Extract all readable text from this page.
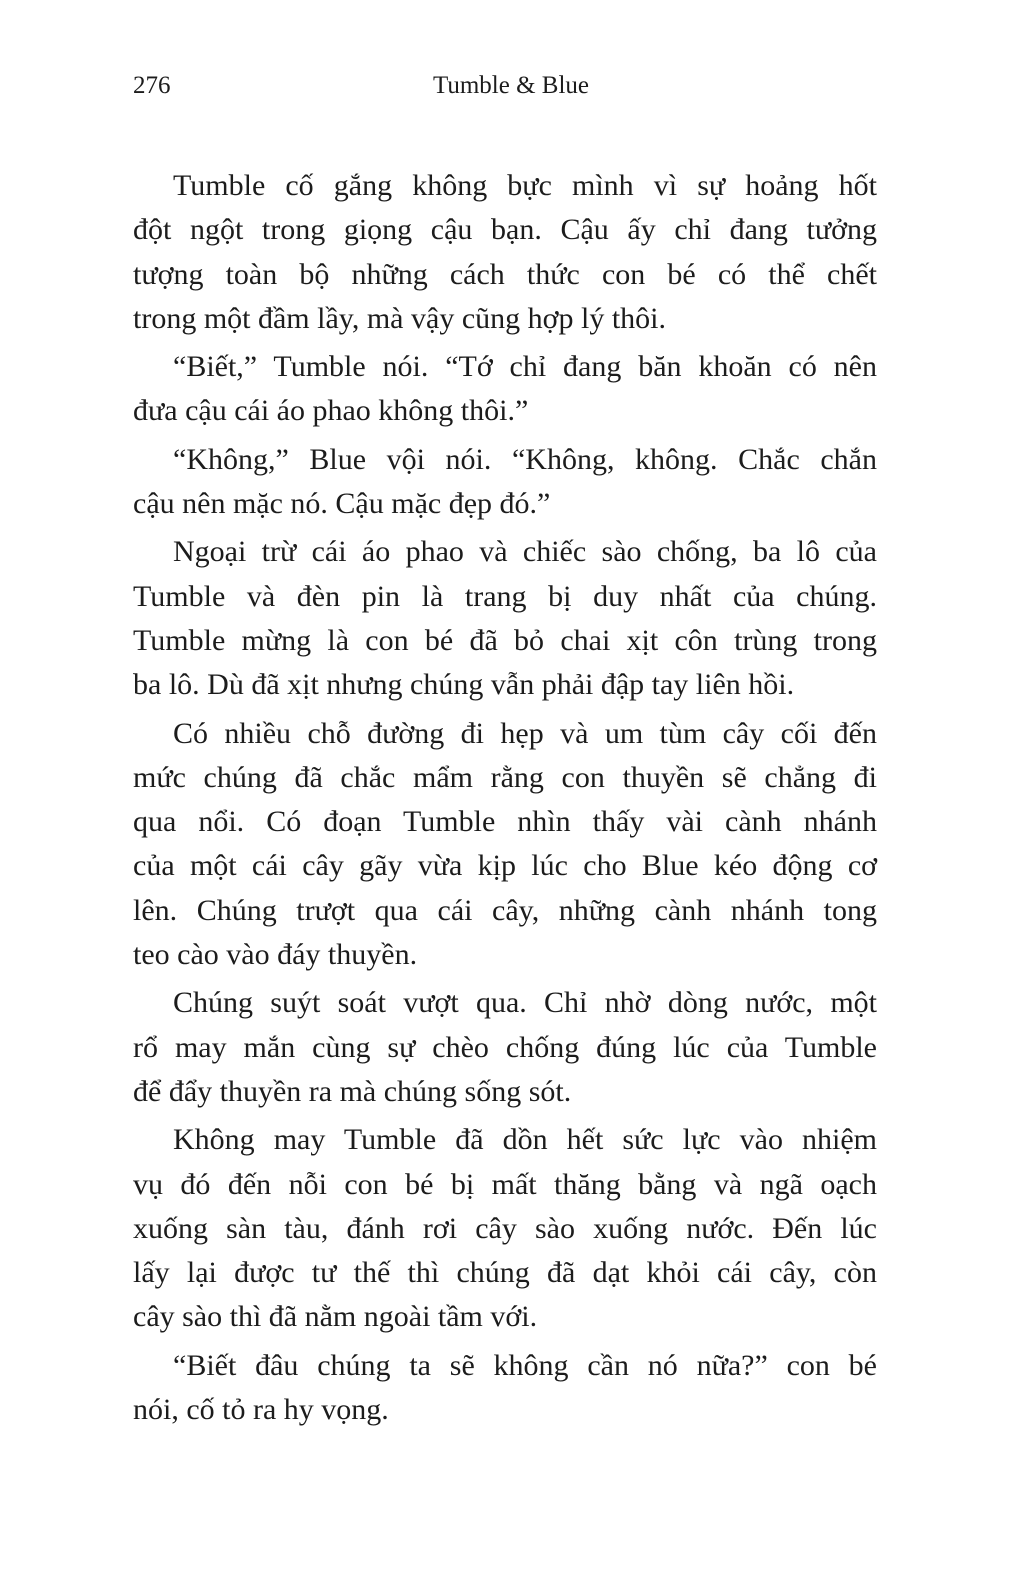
276	Tumble & Blue
Tumble cố gắng không bực mình vì sự hoảng hốt
đột ngột trong giọng cậu bạn. Cậu ấy chỉ đang tưởng
tượng toàn bộ những cách thức con bé có thể chết
trong một đầm lầy, mà vậy cũng hợp lý thôi.
“Biết,” Tumble nói. “Tớ chỉ đang băn khoăn có nên
đưa cậu cái áo phao không thôi.”
“Không,” Blue vội nói. “Không, không. Chắc chắn
cậu nên mặc nó. Cậu mặc đẹp đó.”
Ngoại trừ cái áo phao và chiếc sào chống, ba lô của
Tumble và đèn pin là trang bị duy nhất của chúng.
Tumble mừng là con bé đã bỏ chai xịt côn trùng trong
ba lô. Dù đã xịt nhưng chúng vẫn phải đập tay liên hồi.
Có nhiều chỗ đường đi hẹp và um tùm cây cối đến
mức chúng đã chắc mẩm rằng con thuyền sẽ chẳng đi
qua nổi. Có đoạn Tumble nhìn thấy vài cành nhánh
của một cái cây gãy vừa kịp lúc cho Blue kéo động cơ
lên. Chúng trượt qua cái cây, những cành nhánh tong
teo cào vào đáy thuyền.
Chúng suýt soát vượt qua. Chỉ nhờ dòng nước, một
rổ may mắn cùng sự chèo chống đúng lúc của Tumble
để đẩy thuyền ra mà chúng sống sót.
Không may Tumble đã dồn hết sức lực vào nhiệm
vụ đó đến nỗi con bé bị mất thăng bằng và ngã oạch
xuống sàn tàu, đánh rơi cây sào xuống nước. Đến lúc
lấy lại được tư thế thì chúng đã dạt khỏi cái cây, còn
cây sào thì đã nằm ngoài tầm với.
“Biết đâu chúng ta sẽ không cần nó nữa?” con bé
nói, cố tỏ ra hy vọng.
